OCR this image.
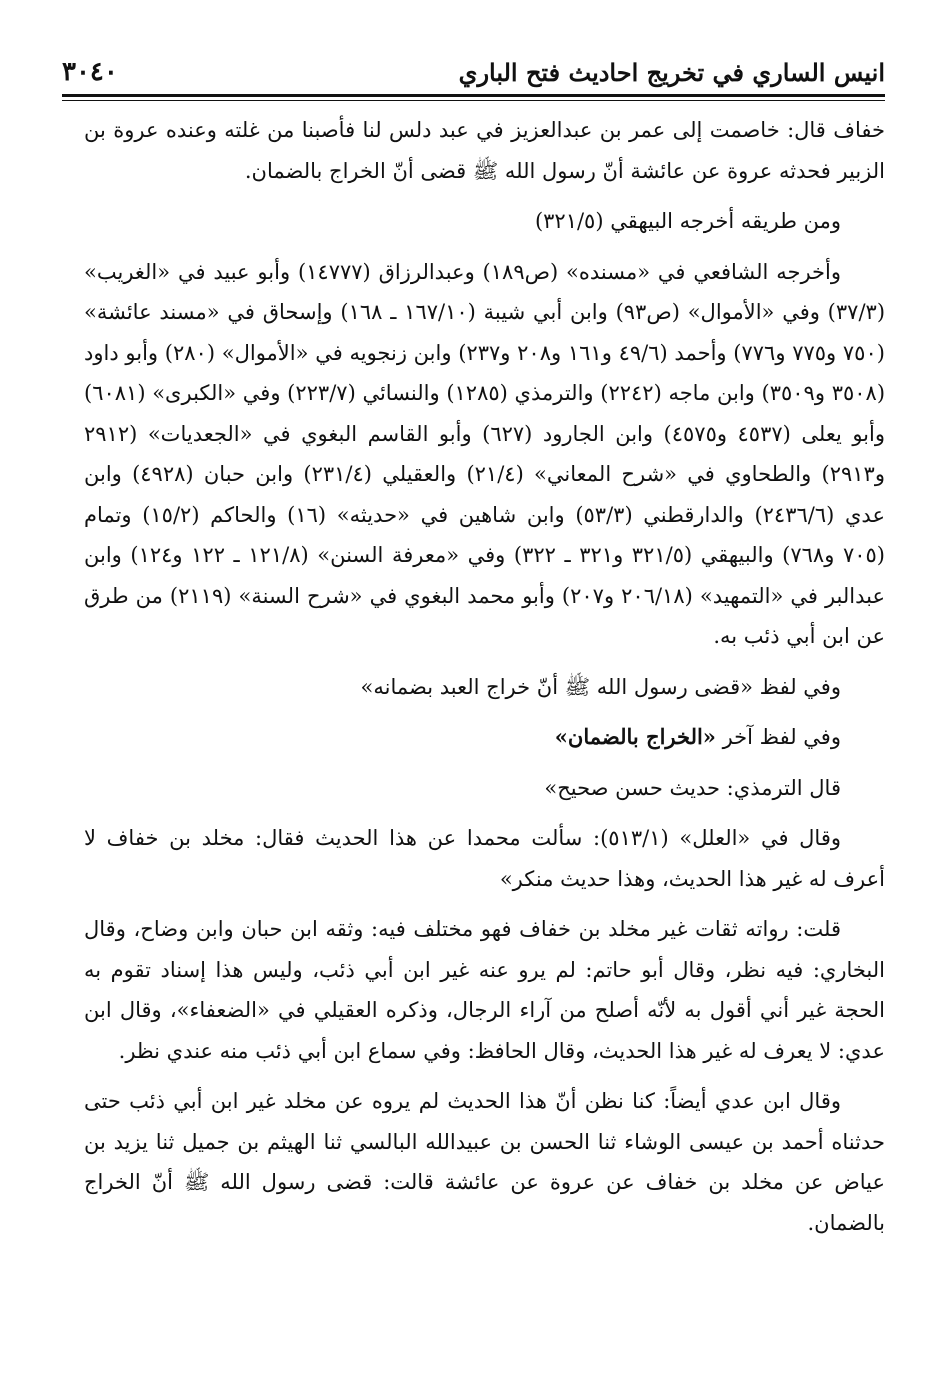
انيس الساري في تخريج احاديث فتح الباري
٣٠٤٠

خفاف قال: خاصمت إلى عمر بن عبدالعزيز في عبد دلس لنا فأصبنا من غلته وعنده عروة بن الزبير فحدثه عروة عن عائشة أنّ رسول الله ﷺ قضى أنّ الخراج بالضمان.

ومن طريقه أخرجه البيهقي (٣٢١/٥)

وأخرجه الشافعي في «مسنده» (ص١٨٩) وعبدالرزاق (١٤٧٧٧) وأبو عبيد في «الغريب» (٣٧/٣) وفي «الأموال» (ص٩٣) وابن أبي شيبة (١٦٧/١٠ ـ ١٦٨) وإسحاق في «مسند عائشة» (٧٥٠ و٧٧٥ و٧٧٦) وأحمد (٤٩/٦ و١٦١ و٢٠٨ و٢٣٧) وابن زنجويه في «الأموال» (٢٨٠) وأبو داود (٣٥٠٨ و٣٥٠٩) وابن ماجه (٢٢٤٢) والترمذي (١٢٨٥) والنسائي (٢٢٣/٧) وفي «الكبرى» (٦٠٨١) وأبو يعلى (٤٥٣٧ و٤٥٧٥) وابن الجارود (٦٢٧) وأبو القاسم البغوي في «الجعديات» (٢٩١٢ و٢٩١٣) والطحاوي في «شرح المعاني» (٢١/٤) والعقيلي (٢٣١/٤) وابن حبان (٤٩٢٨) وابن عدي (٢٤٣٦/٦) والدارقطني (٥٣/٣) وابن شاهين في «حديثه» (١٦) والحاكم (١٥/٢) وتمام (٧٠٥ و٧٦٨) والبيهقي (٣٢١/٥ و٣٢١ ـ ٣٢٢) وفي «معرفة السنن» (١٢١/٨ ـ ١٢٢ و١٢٤) وابن عبدالبر في «التمهيد» (٢٠٦/١٨ و٢٠٧) وأبو محمد البغوي في «شرح السنة» (٢١١٩) من طرق عن ابن أبي ذئب به.

وفي لفظ «قضى رسول الله ﷺ أنّ خراج العبد بضمانه»

وفي لفظ آخر «الخراج بالضمان»

قال الترمذي: حديث حسن صحيح»

وقال في «العلل» (٥١٣/١): سألت محمدا عن هذا الحديث فقال: مخلد بن خفاف لا أعرف له غير هذا الحديث، وهذا حديث منكر»

قلت: رواته ثقات غير مخلد بن خفاف فهو مختلف فيه: وثقه ابن حبان وابن وضاح، وقال البخاري: فيه نظر، وقال أبو حاتم: لم يرو عنه غير ابن أبي ذئب، وليس هذا إسناد تقوم به الحجة غير أني أقول به لأنّه أصلح من آراء الرجال، وذكره العقيلي في «الضعفاء»، وقال ابن عدي: لا يعرف له غير هذا الحديث، وقال الحافظ: وفي سماع ابن أبي ذئب منه عندي نظر.

وقال ابن عدي أيضاً: كنا نظن أنّ هذا الحديث لم يروه عن مخلد غير ابن أبي ذئب حتى حدثناه أحمد بن عيسى الوشاء ثنا الحسن بن عبيدالله البالسي ثنا الهيثم بن جميل ثنا يزيد بن عياض عن مخلد بن خفاف عن عروة عن عائشة قالت: قضى رسول الله ﷺ أنّ الخراج بالضمان.
